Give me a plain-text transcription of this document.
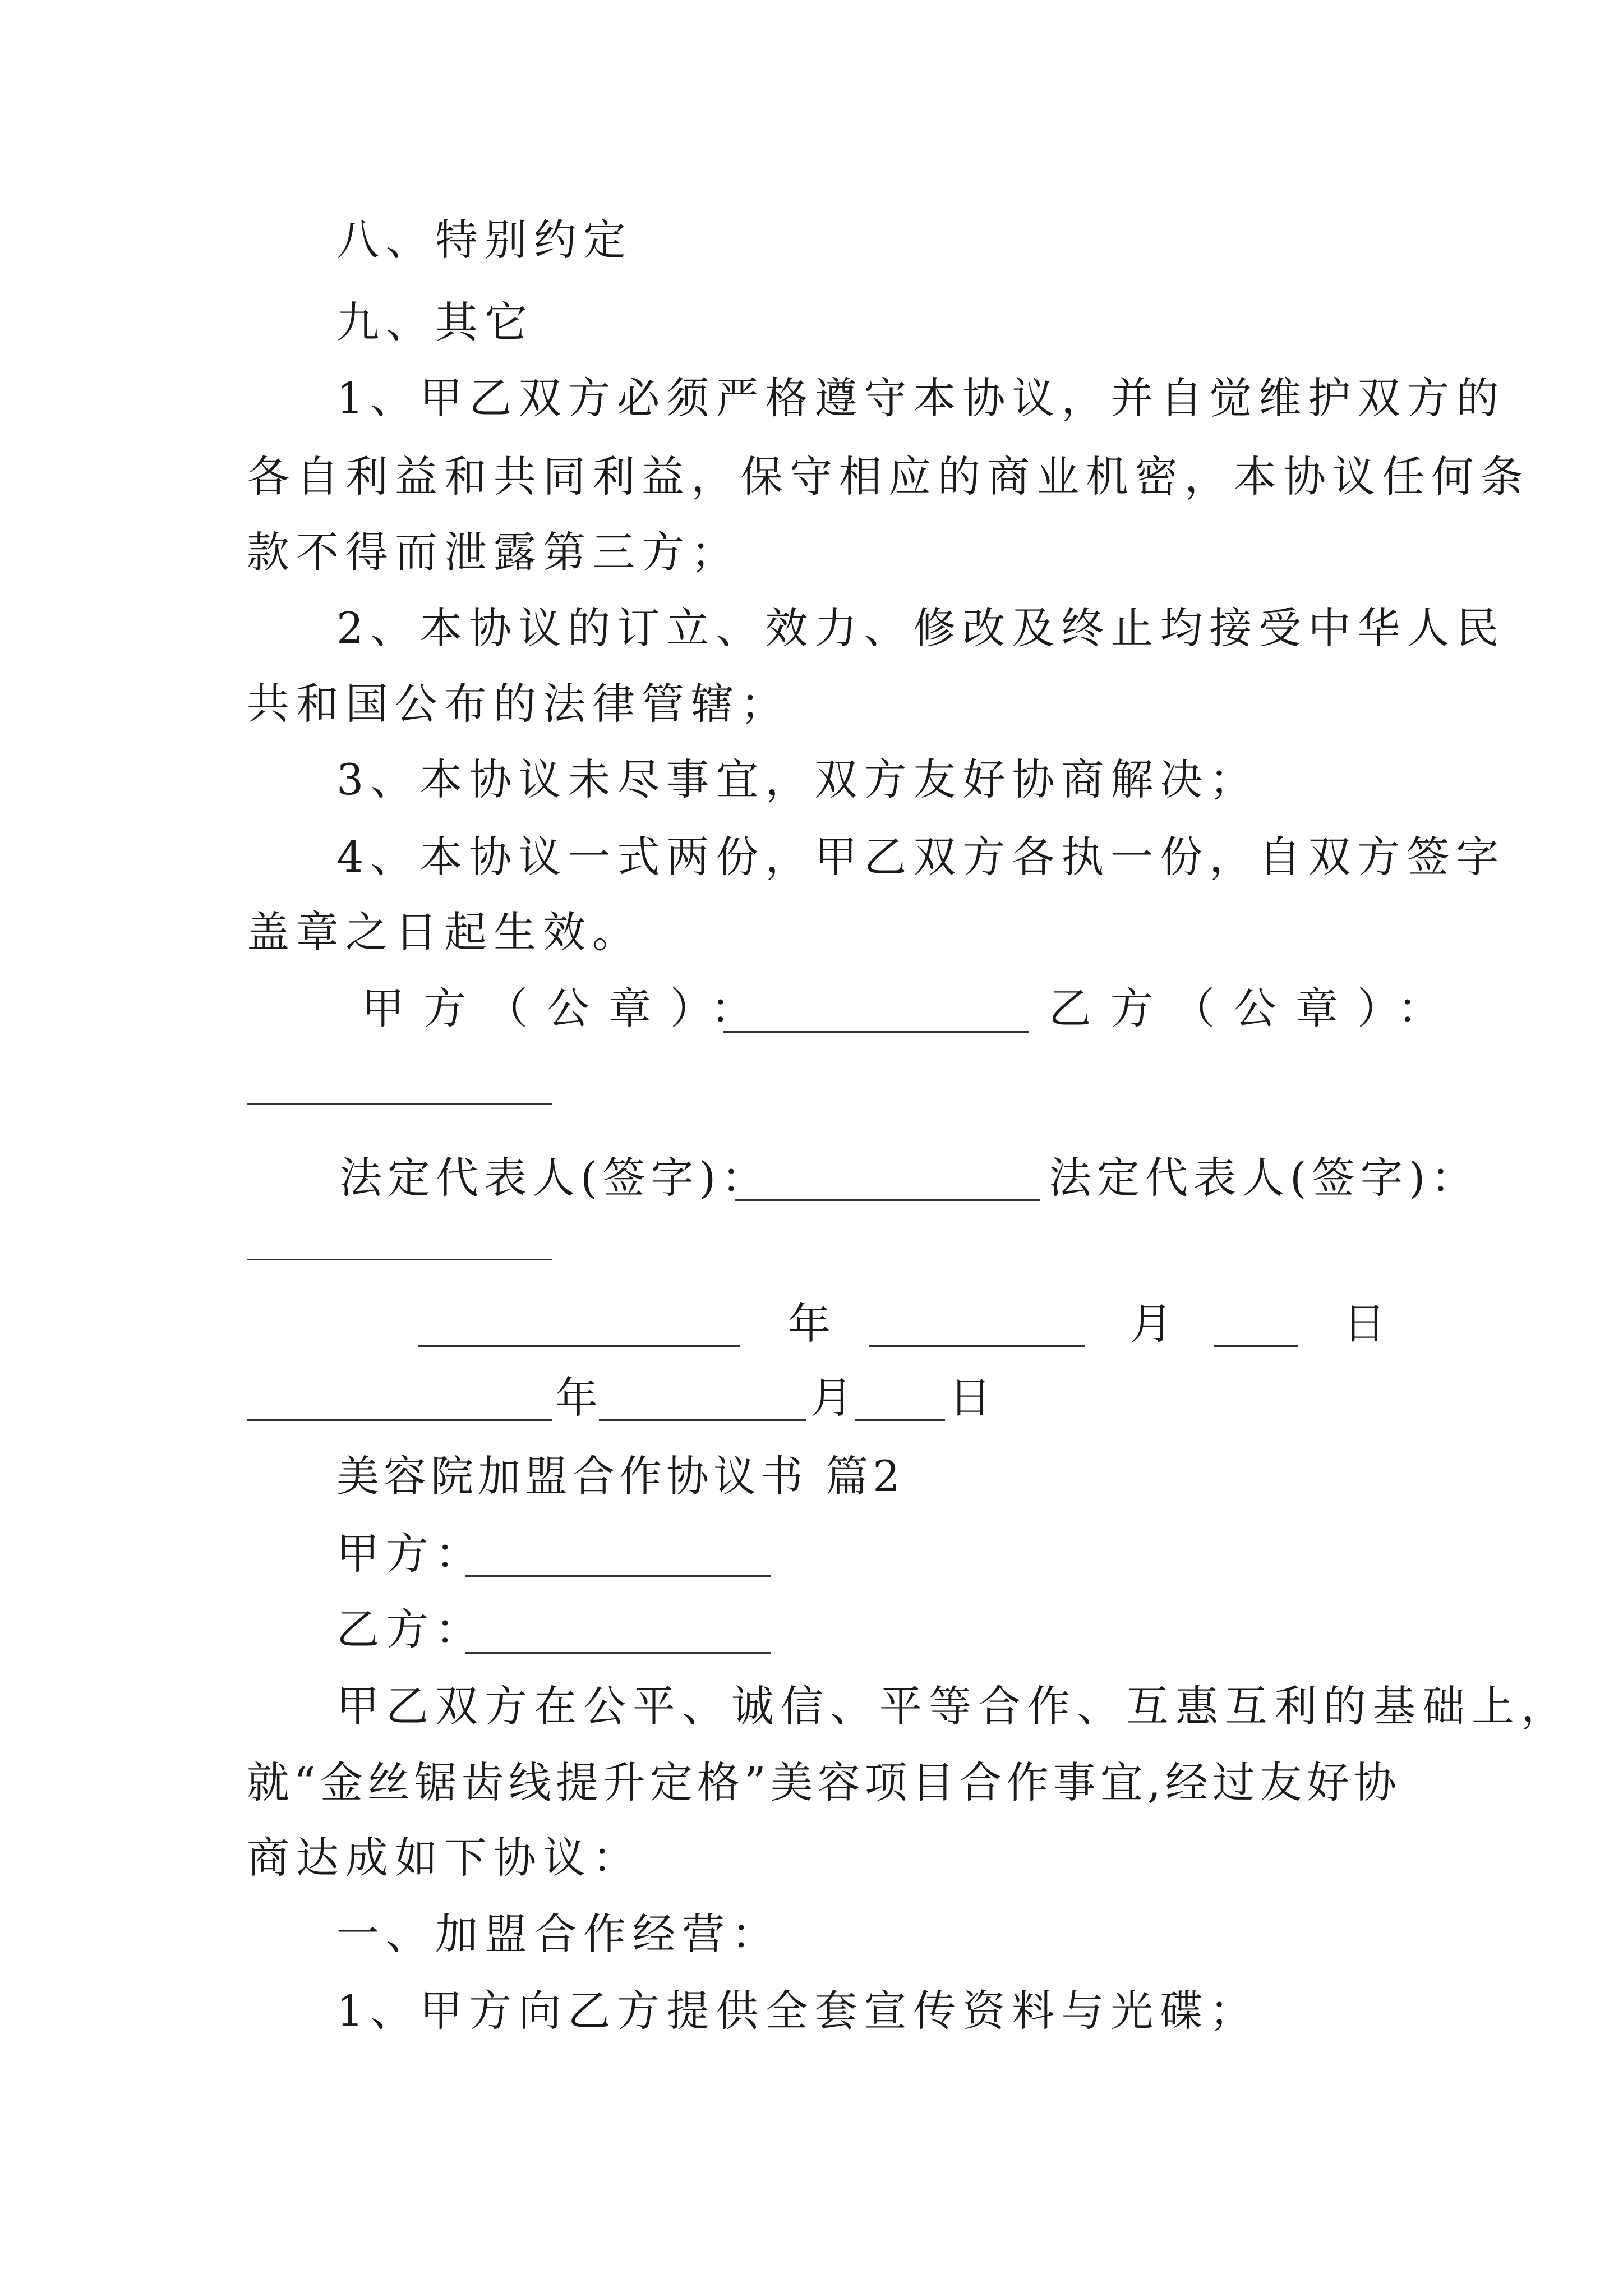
八、特别约定
九、其它
1、甲乙双方必须严格遵守本协议，并自觉维护双方的
各自利益和共同利益，保守相应的商业机密，本协议任何条
款不得而泄露第三方；
2、本协议的订立、效力、修改及终止均接受中华人民
共和国公布的法律管辖；
3、本协议未尽事宜，双方友好协商解决；
4、本协议一式两份，甲乙双方各执一份，自双方签字
盖章之日起生效。
甲方（公章）：	乙方（公章）：
法定代表人(签字)：	法定代表人(签字)：
年	月	日
年	月 日
美容院加盟合作协议书 篇2
甲方：
乙方：
甲乙双方在公平、诚信、平等合作、互惠互利的基础上，
就“金丝锯齿线提升定格”美容项目合作事宜,经过友好协
商达成如下协议：
一、加盟合作经营：
1、甲方向乙方提供全套宣传资料与光碟；
